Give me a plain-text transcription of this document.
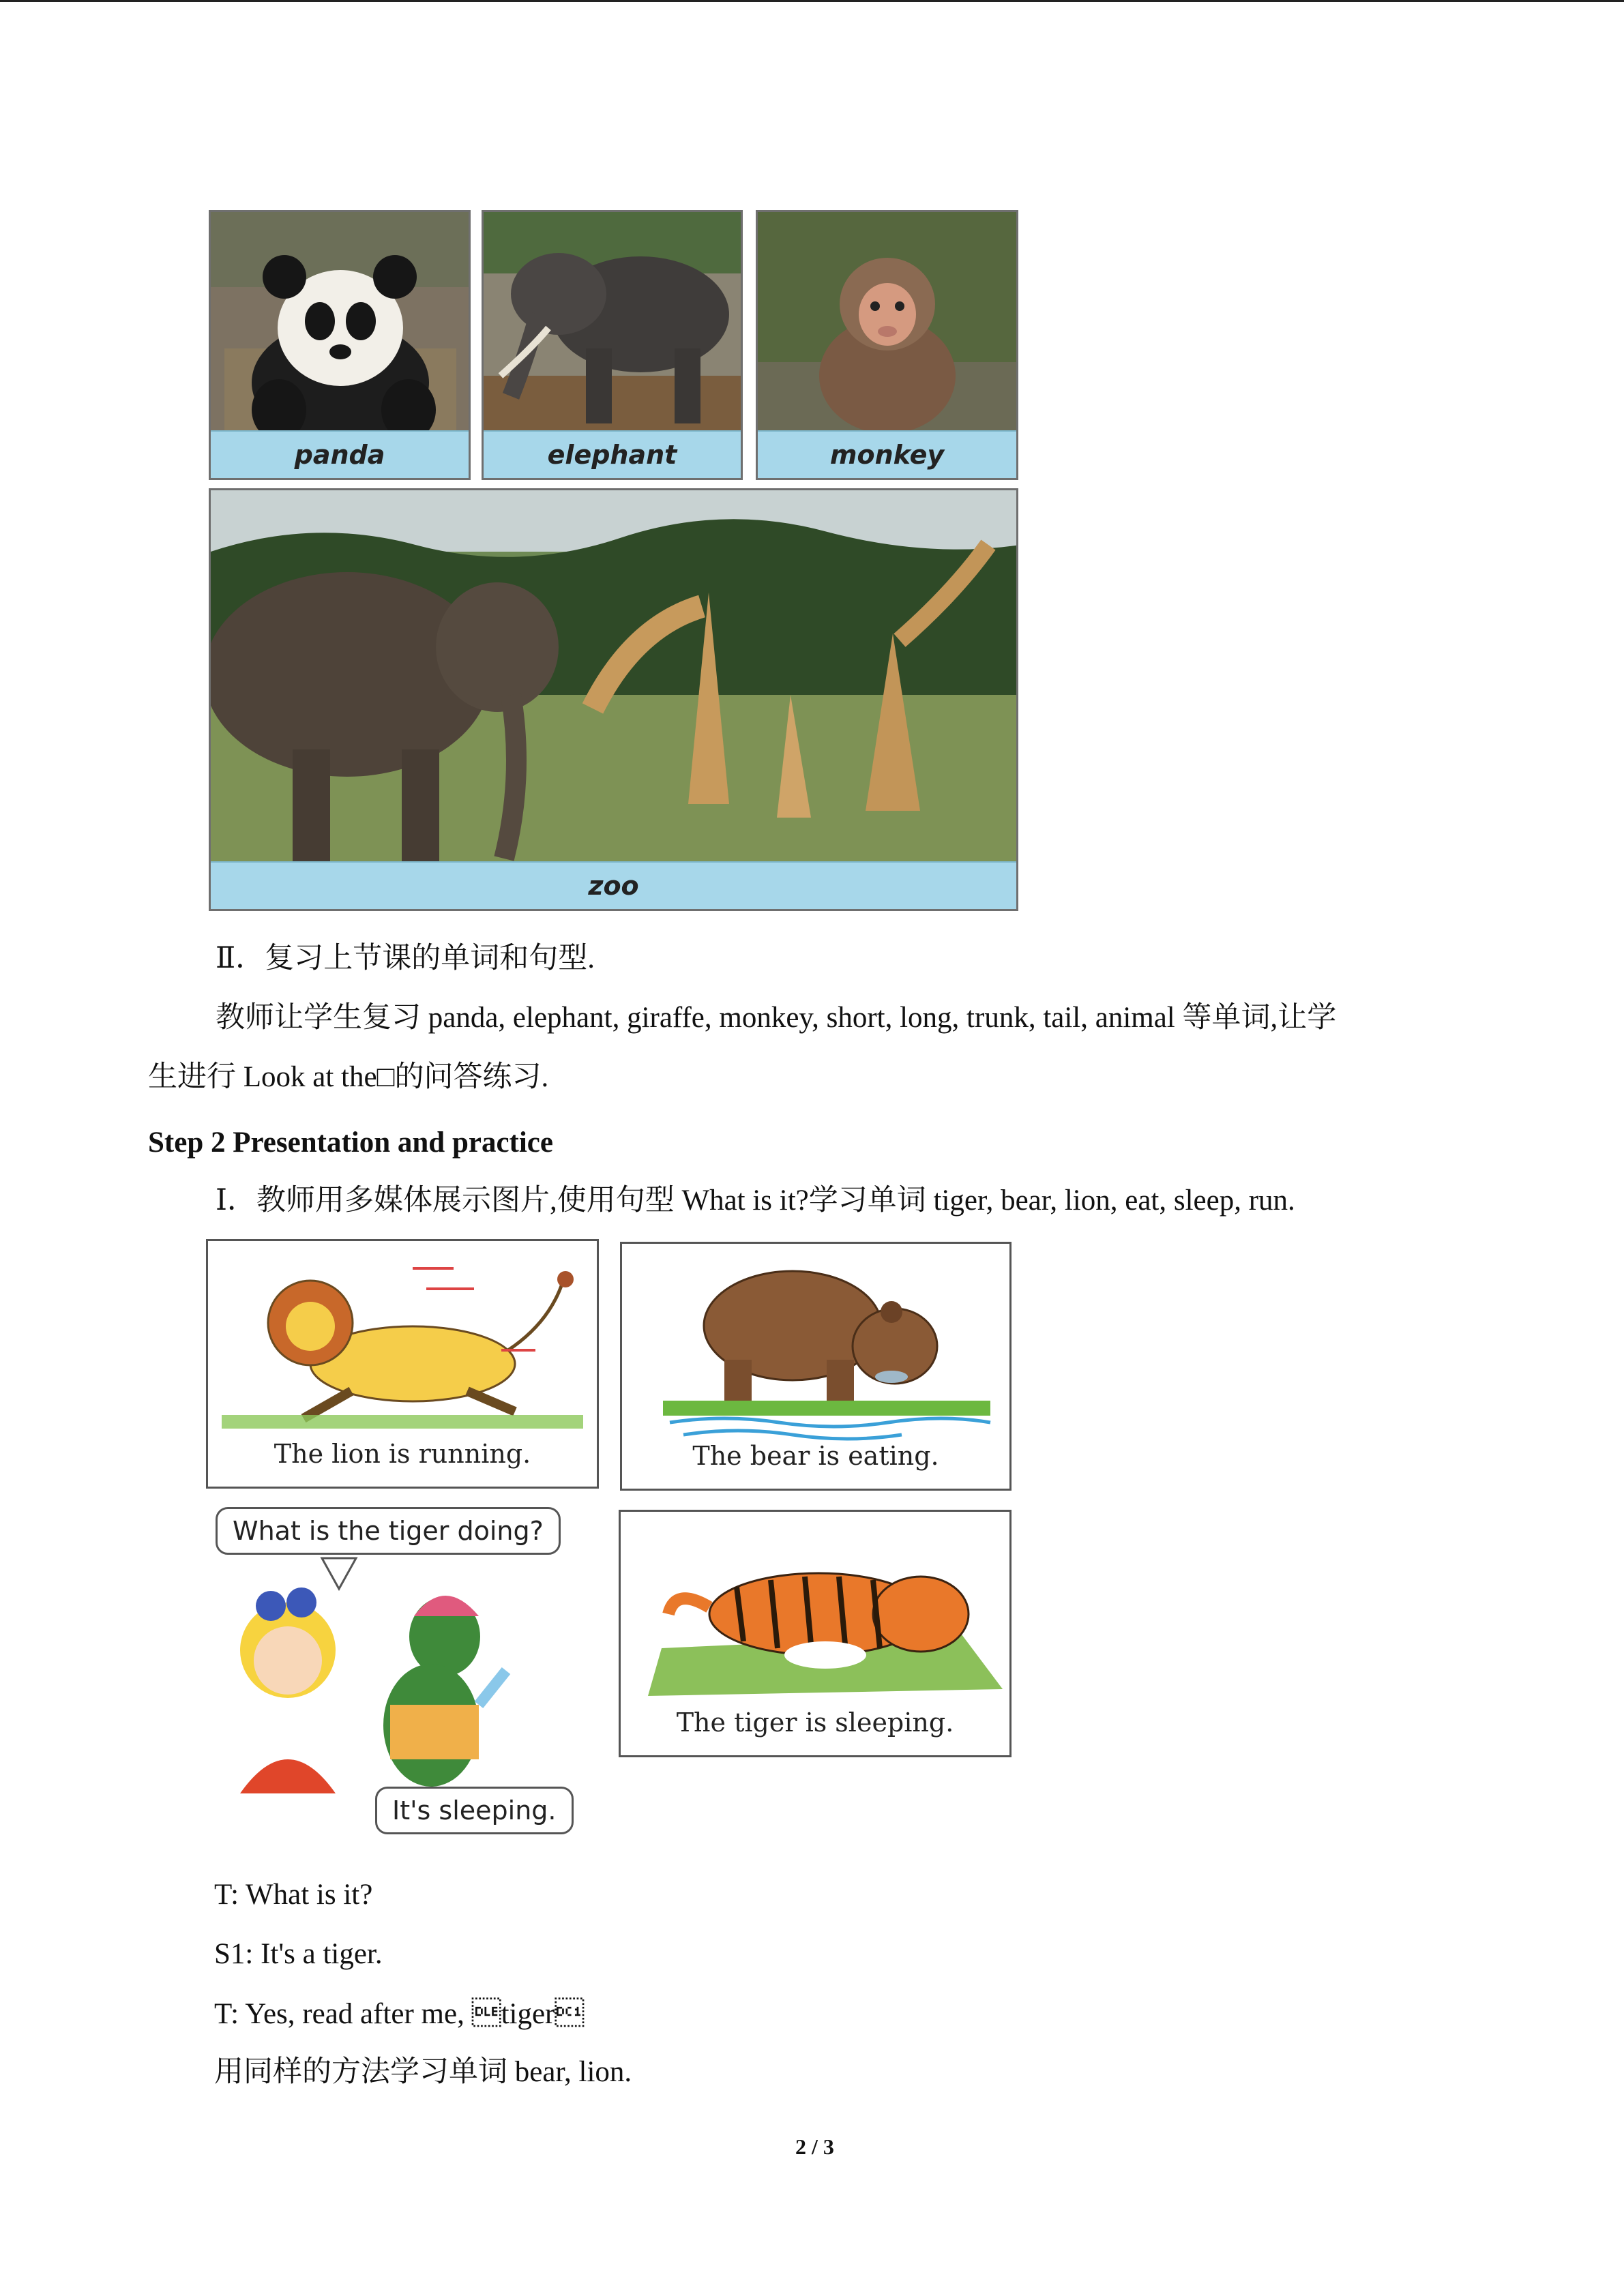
panda	elephant	monkey
zoo
Ⅱ．复习上节课的单词和句型.
教师让学生复习 panda, elephant, giraffe, monkey, short, long, trunk, tail, animal 等单词,让学
生进行 Look at the□的问答练习.
Step 2 Presentation and practice
Ⅰ．教师用多媒体展示图片,使用句型 What is it?学习单词 tiger, bear, lion, eat, sleep, run.
The lion is running.	The bear is eating.
What is the tiger doing?
It's sleeping.
The tiger is sleeping.
T: What is it?
S1: It's a tiger.
T: Yes, read after me, tiger
用同样的方法学习单词 bear, lion.
2 / 3
